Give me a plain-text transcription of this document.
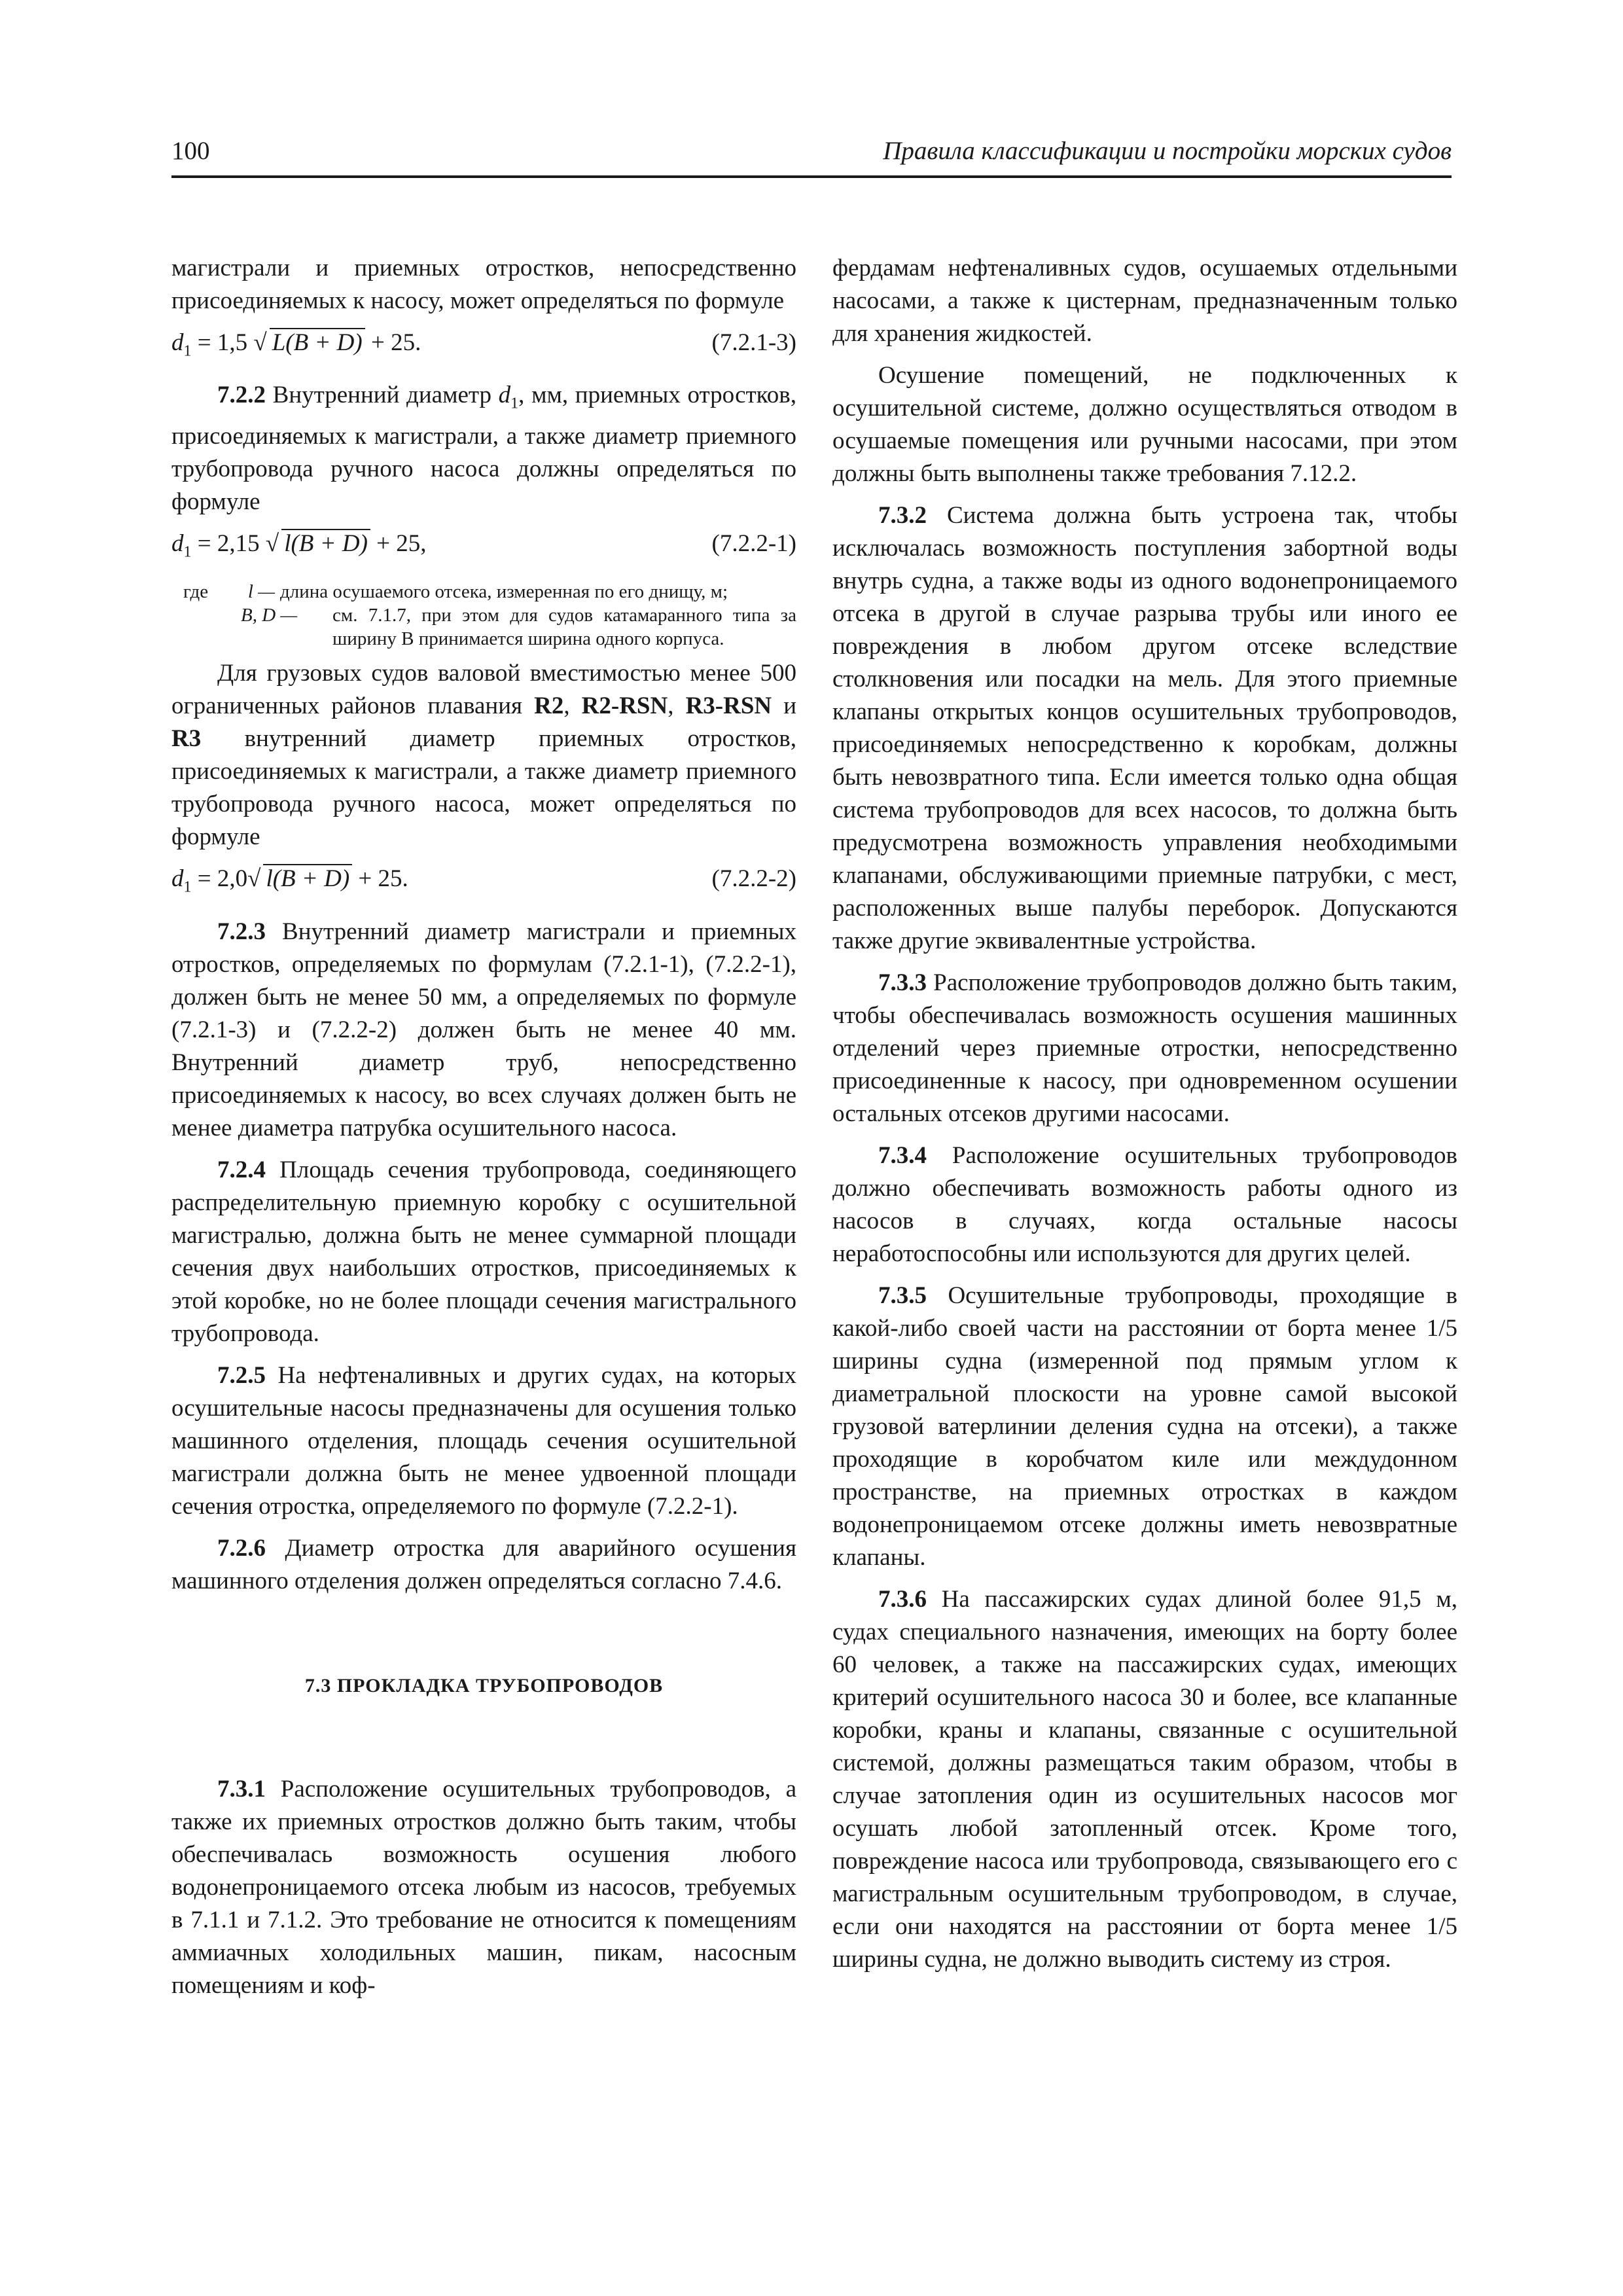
100	Правила классификации и постройки морских судов

магистрали и приемных отростков, непосредственно присоединяемых к насосу, может определяться по формуле

$d_1 = 1,5$ √ L(B + D) + 25.	(7.2.1-3)

7.2.2 Внутренний диаметр $d_1$, мм, приемных отростков, присоединяемых к магистрали, а также диаметр приемного трубопровода ручного насоса должны определяться по формуле

$d_1 = 2,15$ √ l(B + D) + 25,	(7.2.2-1)
где	l — длина осушаемого отсека, измеренная по его днищу, м;
B, D —	см. 7.1.7, при этом для судов катамаранного типа за ширину B принимается ширина одного корпуса.

Для грузовых судов валовой вместимостью менее 500 ограниченных районов плавания R2, R2-RSN, R3-RSN и R3 внутренний диаметр приемных отростков, присоединяемых к магистрали, а также диаметр приемного трубопровода ручного насоса, может определяться по формуле

$d_1 = 2,0√$ l(B + D) + 25.	(7.2.2-2)

7.2.3 Внутренний диаметр магистрали и приемных отростков, определяемых по формулам (7.2.1-1), (7.2.2-1), должен быть не менее 50 мм, а определяемых по формуле (7.2.1-3) и (7.2.2-2) должен быть не менее 40 мм. Внутренний диаметр труб, непосредственно присоединяемых к насосу, во всех случаях должен быть не менее диаметра патрубка осушительного насоса.

7.2.4 Площадь сечения трубопровода, соединяющего распределительную приемную коробку с осушительной магистралью, должна быть не менее суммарной площади сечения двух наибольших отростков, присоединяемых к этой коробке, но не более площади сечения магистрального трубопровода.

7.2.5 На нефтеналивных и других судах, на которых осушительные насосы предназначены для осушения только машинного отделения, площадь сечения осушительной магистрали должна быть не менее удвоенной площади сечения отростка, определяемого по формуле (7.2.2-1).

7.2.6 Диаметр отростка для аварийного осушения машинного отделения должен определяться согласно 7.4.6.

7.3 ПРОКЛАДКА ТРУБОПРОВОДОВ

7.3.1 Расположение осушительных трубопроводов, а также их приемных отростков должно быть таким, чтобы обеспечивалась возможность осушения любого водонепроницаемого отсека любым из насосов, требуемых в 7.1.1 и 7.1.2. Это требование не относится к помещениям аммиачных холодильных машин, пикам, насосным помещениям и коф-

фердамам нефтеналивных судов, осушаемых отдельными насосами, а также к цистернам, предназначенным только для хранения жидкостей.

Осушение помещений, не подключенных к осушительной системе, должно осуществляться отводом в осушаемые помещения или ручными насосами, при этом должны быть выполнены также требования 7.12.2.

7.3.2 Система должна быть устроена так, чтобы исключалась возможность поступления забортной воды внутрь судна, а также воды из одного водонепроницаемого отсека в другой в случае разрыва трубы или иного ее повреждения в любом другом отсеке вследствие столкновения или посадки на мель. Для этого приемные клапаны открытых концов осушительных трубопроводов, присоединяемых непосредственно к коробкам, должны быть невозвратного типа. Если имеется только одна общая система трубопроводов для всех насосов, то должна быть предусмотрена возможность управления необходимыми клапанами, обслуживающими приемные патрубки, с мест, расположенных выше палубы переборок. Допускаются также другие эквивалентные устройства.

7.3.3 Расположение трубопроводов должно быть таким, чтобы обеспечивалась возможность осушения машинных отделений через приемные отростки, непосредственно присоединенные к насосу, при одновременном осушении остальных отсеков другими насосами.

7.3.4 Расположение осушительных трубопроводов должно обеспечивать возможность работы одного из насосов в случаях, когда остальные насосы неработоспособны или используются для других целей.

7.3.5 Осушительные трубопроводы, проходящие в какой-либо своей части на расстоянии от борта менее 1/5 ширины судна (измеренной под прямым углом к диаметральной плоскости на уровне самой высокой грузовой ватерлинии деления судна на отсеки), а также проходящие в коробчатом киле или междудонном пространстве, на приемных отростках в каждом водонепроницаемом отсеке должны иметь невозвратные клапаны.

7.3.6 На пассажирских судах длиной более 91,5 м, судах специального назначения, имеющих на борту более 60 человек, а также на пассажирских судах, имеющих критерий осушительного насоса 30 и более, все клапанные коробки, краны и клапаны, связанные с осушительной системой, должны размещаться таким образом, чтобы в случае затопления один из осушительных насосов мог осушать любой затопленный отсек. Кроме того, повреждение насоса или трубопровода, связывающего его с магистральным осушительным трубопроводом, в случае, если они находятся на расстоянии от борта менее 1/5 ширины судна, не должно выводить систему из строя.
